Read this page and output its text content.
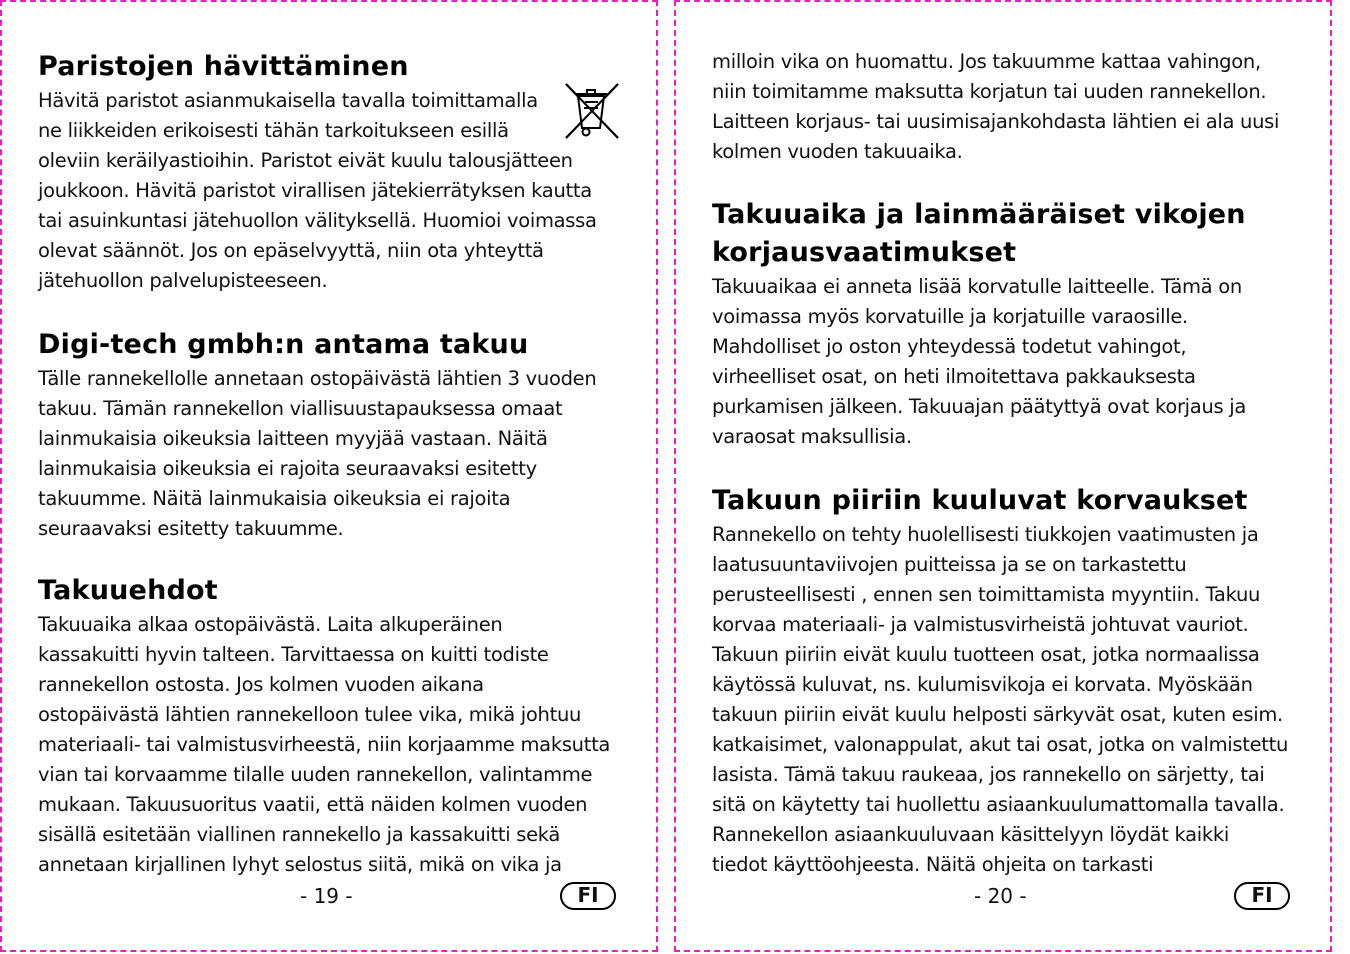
Paristojen hävittäminen
Hävitä paristot asianmukaisella tavalla toimittamalla
ne liikkeiden erikoisesti tähän tarkoitukseen esillä
oleviin keräilyastioihin. Paristot eivät kuulu talousjätteen
joukkoon. Hävitä paristot virallisen jätekierrätyksen kautta
tai asuinkuntasi jätehuollon välityksellä. Huomioi voimassa
olevat säännöt. Jos on epäselvyyttä, niin ota yhteyttä
jätehuollon palvelupisteeseen.
Digi-tech gmbh:n antama takuu
Tälle rannekellolle annetaan ostopäivästä lähtien 3 vuoden
takuu. Tämän rannekellon viallisuustapauksessa omaat
lainmukaisia oikeuksia laitteen myyjää vastaan. Näitä
lainmukaisia oikeuksia ei rajoita seuraavaksi esitetty
takuumme. Näitä lainmukaisia oikeuksia ei rajoita
seuraavaksi esitetty takuumme.
Takuuehdot
Takuuaika alkaa ostopäivästä. Laita alkuperäinen
kassakuitti hyvin talteen. Tarvittaessa on kuitti todiste
rannekellon ostosta. Jos kolmen vuoden aikana
ostopäivästä lähtien rannekelloon tulee vika, mikä johtuu
materiaali- tai valmistusvirheestä, niin korjaamme maksutta
vian tai korvaamme tilalle uuden rannekellon, valintamme
mukaan. Takuusuoritus vaatii, että näiden kolmen vuoden
sisällä esitetään viallinen rannekello ja kassakuitti sekä
annetaan kirjallinen lyhyt selostus siitä, mikä on vika ja
- 19 -	FI
milloin vika on huomattu. Jos takuumme kattaa vahingon,
niin toimitamme maksutta korjatun tai uuden rannekellon.
Laitteen korjaus- tai uusimisajankohdasta lähtien ei ala uusi
kolmen vuoden takuuaika.
Takuuaika ja lainmääräiset vikojen
korjausvaatimukset
Takuuaikaa ei anneta lisää korvatulle laitteelle. Tämä on
voimassa myös korvatuille ja korjatuille varaosille.
Mahdolliset jo oston yhteydessä todetut vahingot,
virheelliset osat, on heti ilmoitettava pakkauksesta
purkamisen jälkeen. Takuuajan päätyttyä ovat korjaus ja
varaosat maksullisia.
Takuun piiriin kuuluvat korvaukset
Rannekello on tehty huolellisesti tiukkojen vaatimusten ja
laatusuuntaviivojen puitteissa ja se on tarkastettu
perusteellisesti , ennen sen toimittamista myyntiin. Takuu
korvaa materiaali- ja valmistusvirheistä johtuvat vauriot.
Takuun piiriin eivät kuulu tuotteen osat, jotka normaalissa
käytössä kuluvat, ns. kulumisvikoja ei korvata. Myöskään
takuun piiriin eivät kuulu helposti särkyvät osat, kuten esim.
katkaisimet, valonappulat, akut tai osat, jotka on valmistettu
lasista. Tämä takuu raukeaa, jos rannekello on särjetty, tai
sitä on käytetty tai huollettu asiaankuulumattomalla tavalla.
Rannekellon asiaankuuluvaan käsittelyyn löydät kaikki
tiedot käyttöohjeesta. Näitä ohjeita on tarkasti
- 20 -	FI
